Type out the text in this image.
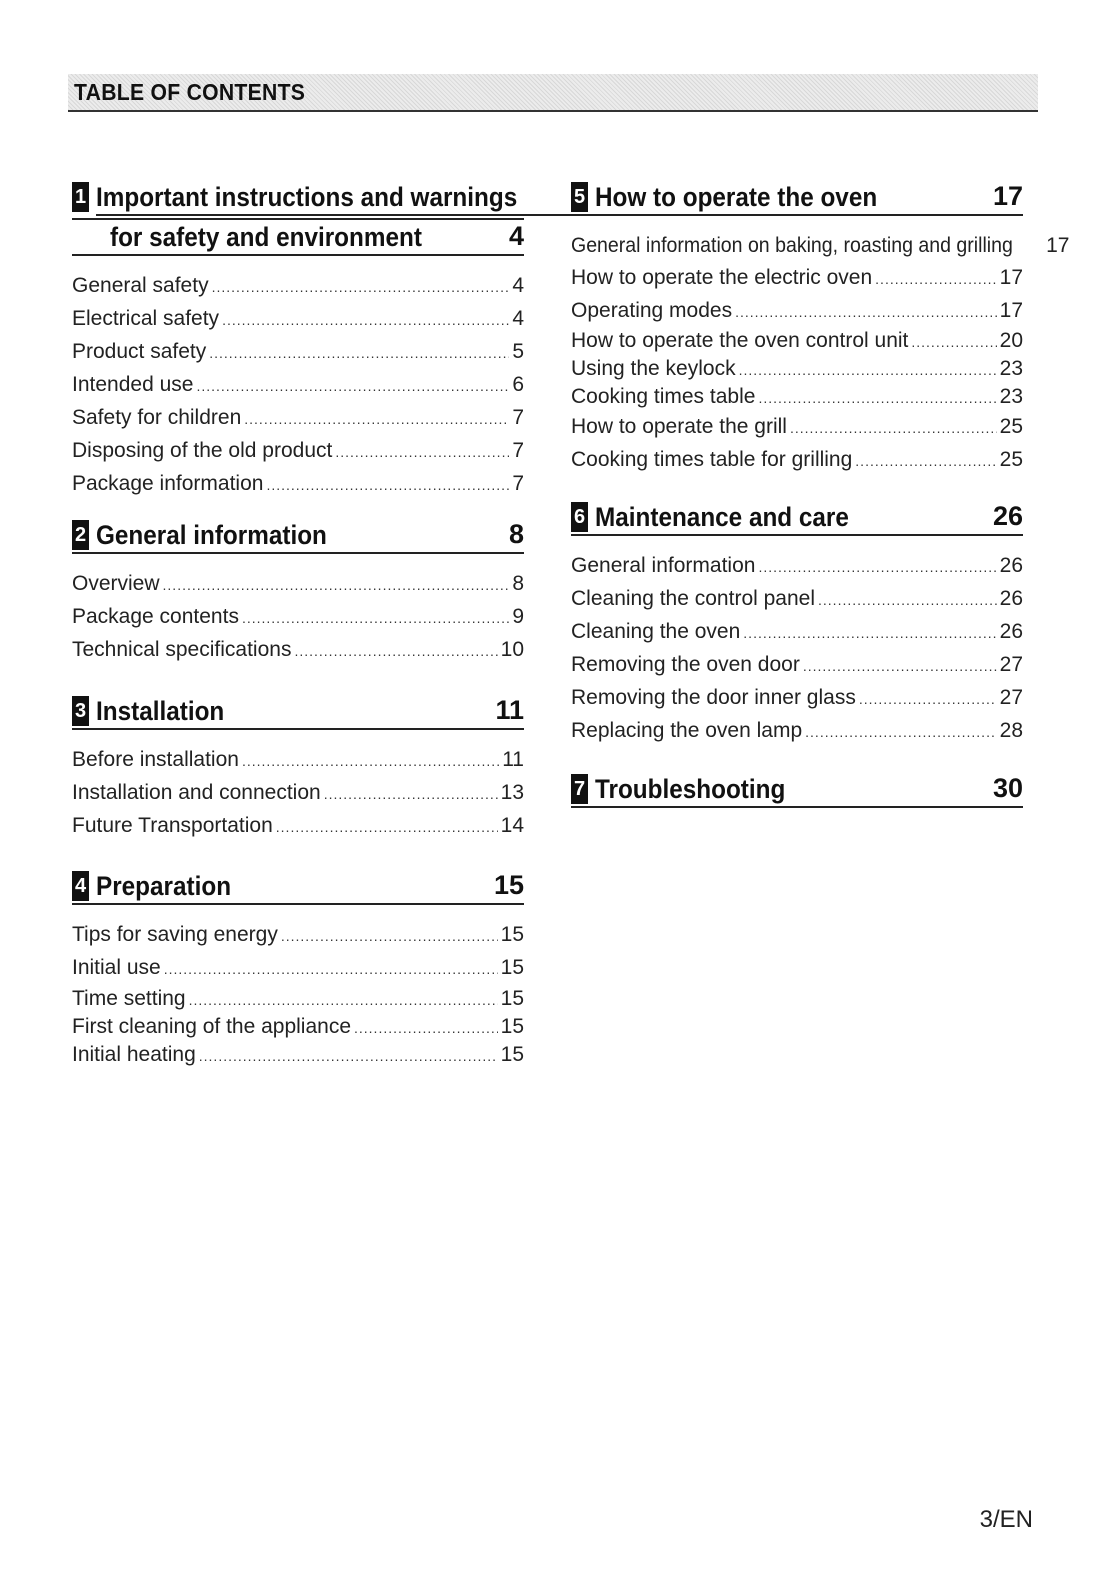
TABLE OF CONTENTS
1 Important instructions and warnings
for safety and environment	4
General safety .....	4
Electrical safety .....	4
Product safety .....	5
Intended use .....	6
Safety for children .....	7
Disposing of the old product .....	7
Package information .....	7
2 General information	8
Overview .....	8
Package contents .....	9
Technical specifications .....	10
3 Installation	11
Before installation .....	11
Installation and connection .....	13
Future Transportation .....	14
4 Preparation	15
Tips for saving energy .....	15
Initial use .....	15
Time setting .....	15
First cleaning of the appliance .....	15
Initial heating .....	15
5 How to operate the oven	17
General information on baking, roasting and grilling 17
How to operate the electric oven .....	17
Operating modes .....	17
How to operate the oven control unit .....	20
Using the keylock .....	23
Cooking times table .....	23
How to operate the grill .....	25
Cooking times table for grilling .....	25
6 Maintenance and care	26
General information .....	26
Cleaning the control panel .....	26
Cleaning the oven .....	26
Removing the oven door .....	27
Removing the door inner glass .....	27
Replacing the oven lamp .....	28
7 Troubleshooting	30
3/EN
